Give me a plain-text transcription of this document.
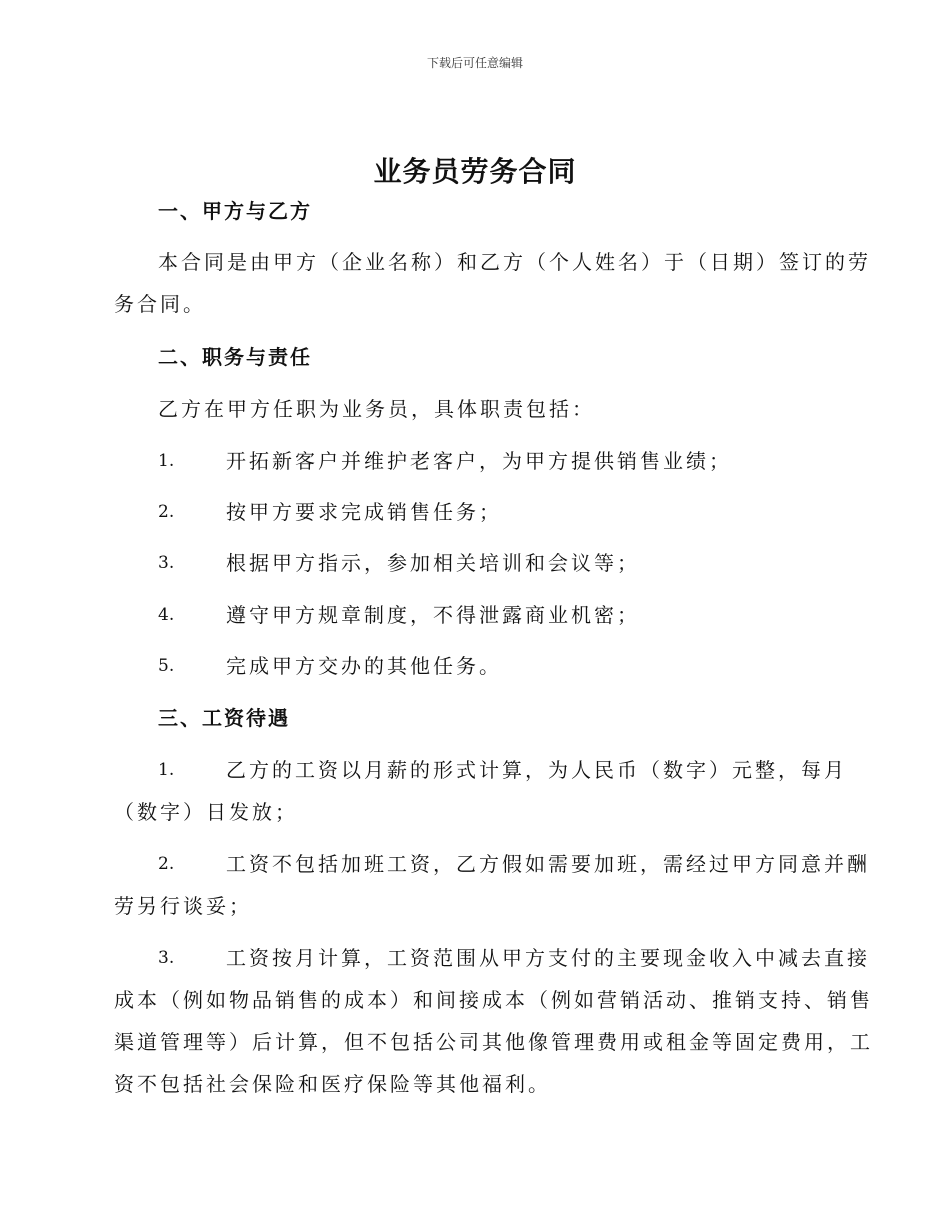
下载后可任意编辑
业务员劳务合同
一、甲方与乙方
本合同是由甲方（企业名称）和乙方（个人姓名）于（日期）签订的劳
务合同。
二、职务与责任
乙方在甲方任职为业务员，具体职责包括：
1.	开拓新客户并维护老客户，为甲方提供销售业绩；
2.	按甲方要求完成销售任务；
3.	根据甲方指示，参加相关培训和会议等；
4.	遵守甲方规章制度，不得泄露商业机密；
5.	完成甲方交办的其他任务。
三、工资待遇
1.	乙方的工资以月薪的形式计算，为人民币（数字）元整，每月
（数字）日发放；
2.	工资不包括加班工资，乙方假如需要加班，需经过甲方同意并酬
劳另行谈妥；
3.	工资按月计算，工资范围从甲方支付的主要现金收入中减去直接
成本（例如物品销售的成本）和间接成本（例如营销活动、推销支持、销售
渠道管理等）后计算，但不包括公司其他像管理费用或租金等固定费用，工
资不包括社会保险和医疗保险等其他福利。
